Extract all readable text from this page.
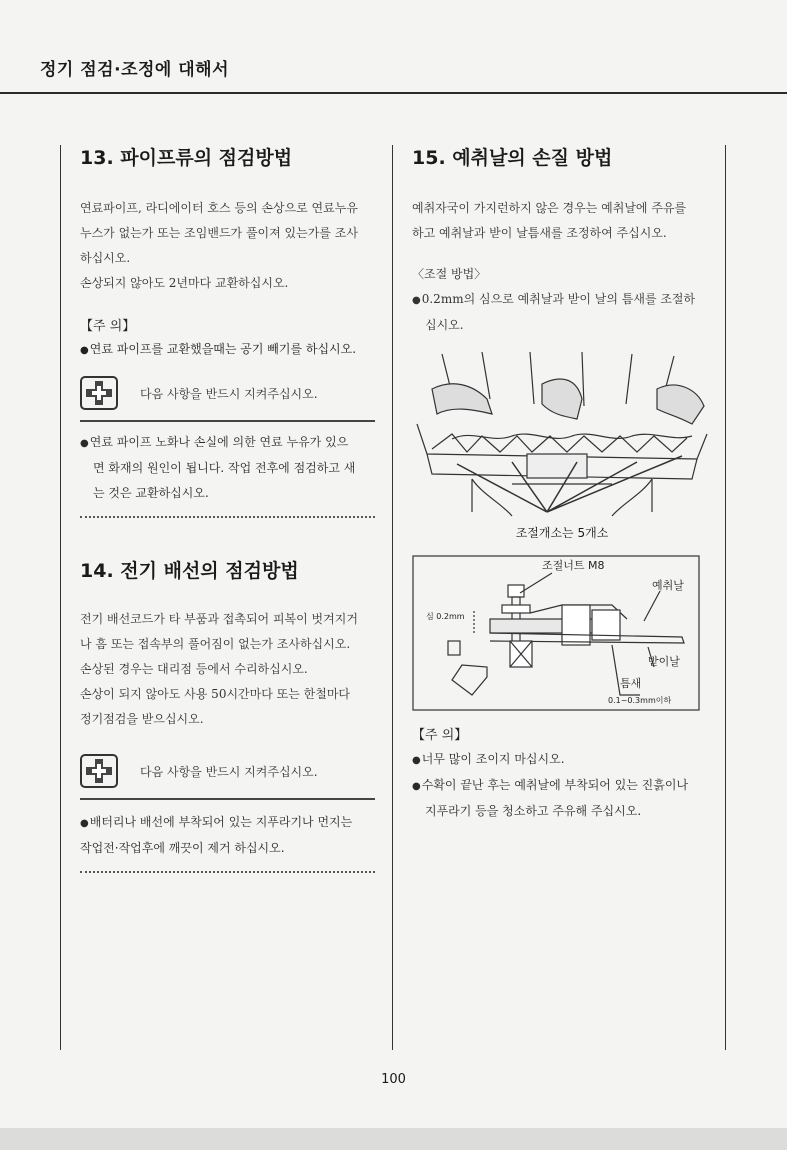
정기 점검·조정에 대해서
13. 파이프류의 점검방법
연료파이프, 라디에이터 호스 등의 손상으로 연료누유
누스가 없는가 또는 조임밴드가 풀이져 있는가를 조사
하십시오.
손상되지 않아도 2년마다 교환하십시오.
【주 의】
●연료 파이프를 교환했을때는 공기 빼기를 하십시오.
다음 사항을 반드시 지켜주십시오.
●연료 파이프 노화나 손실에 의한 연료 누유가 있으
면 화재의 원인이 됩니다. 작업 전후에 점검하고 새
는 것은 교환하십시오.
14. 전기 배선의 점검방법
전기 배선코드가 타 부품과 접촉되어 피복이 벗겨지거
나 흠 또는 접속부의 풀어짐이 없는가 조사하십시오.
손상된 경우는 대리점 등에서 수리하십시오.
손상이 되지 않아도 사용 50시간마다 또는 한철마다
정기점검을 받으십시오.
다음 사항을 반드시 지켜주십시오.
●배터리나 배선에 부착되어 있는 지푸라기나 먼지는
작업전·작업후에 깨끗이 제거 하십시오.
15. 예취날의 손질 방법
예취자국이 가지런하지 않은 경우는 예취날에 주유를
하고 예취날과 받이 날틈새를 조정하여 주십시오.
〈조절 방법〉
●0.2mm의 심으로 예취날과 받이 날의 틈새를 조절하
십시오.
조절개소는 5개소
조절너트 M8
예취날
심 0.2mm
받이날
틈새
0.1~0.3mm이하
【주 의】
●너무 많이 조이지 마십시오.
●수확이 끝난 후는 예취날에 부착되어 있는 진흙이나
지푸라기 등을 청소하고 주유해 주십시오.
100
